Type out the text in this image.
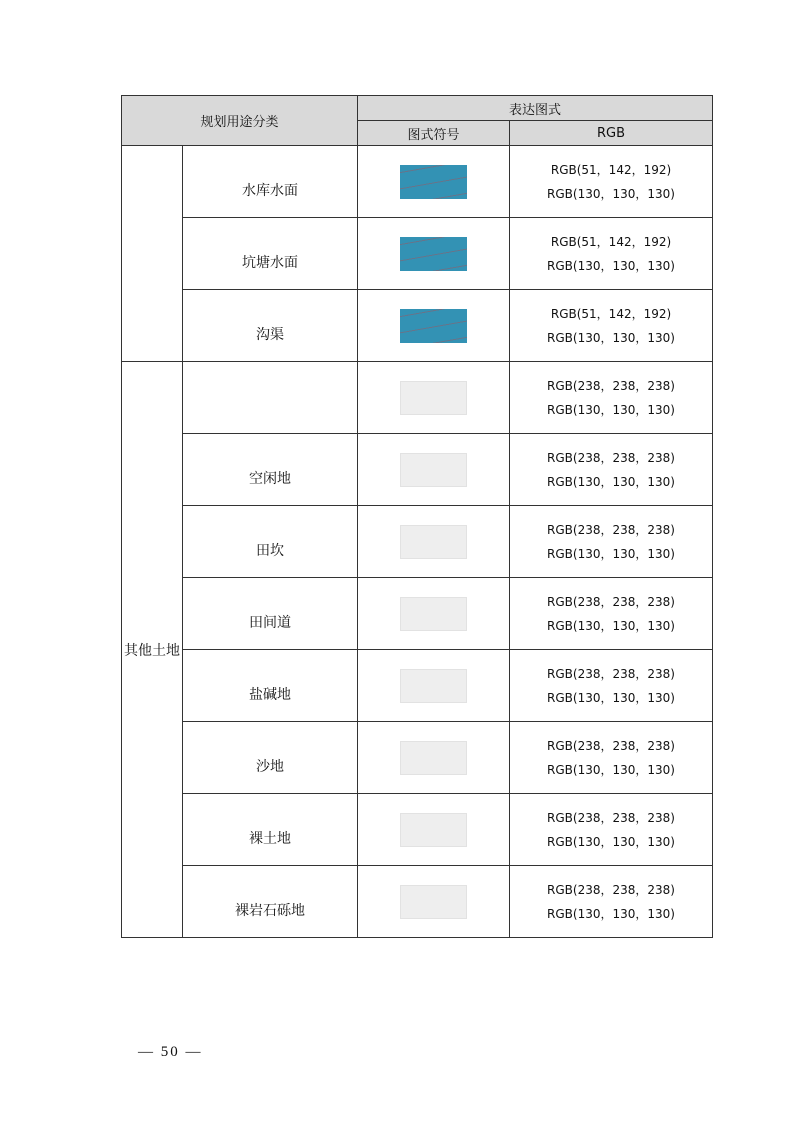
规划用途分类		表达图式	
		图式符号	RGB
	水库水面		RGB(51，142，192)
RGB(130，130，130)

	坑塘水面		RGB(51，142，192)
RGB(130，130，130)

	沟渠		RGB(51，142，192)
RGB(130，130，130)

其他土地			RGB(238，238，238)
RGB(130，130，130)

	空闲地		RGB(238，238，238)
RGB(130，130，130)

	田坎		RGB(238，238，238)
RGB(130，130，130)

	田间道		RGB(238，238，238)
RGB(130，130，130)

	盐碱地		RGB(238，238，238)
RGB(130，130，130)

	沙地		RGB(238，238，238)
RGB(130，130，130)

	裸土地		RGB(238，238，238)
RGB(130，130，130)

	裸岩石砾地		RGB(238，238，238)
RGB(130，130，130)
— 50 —
